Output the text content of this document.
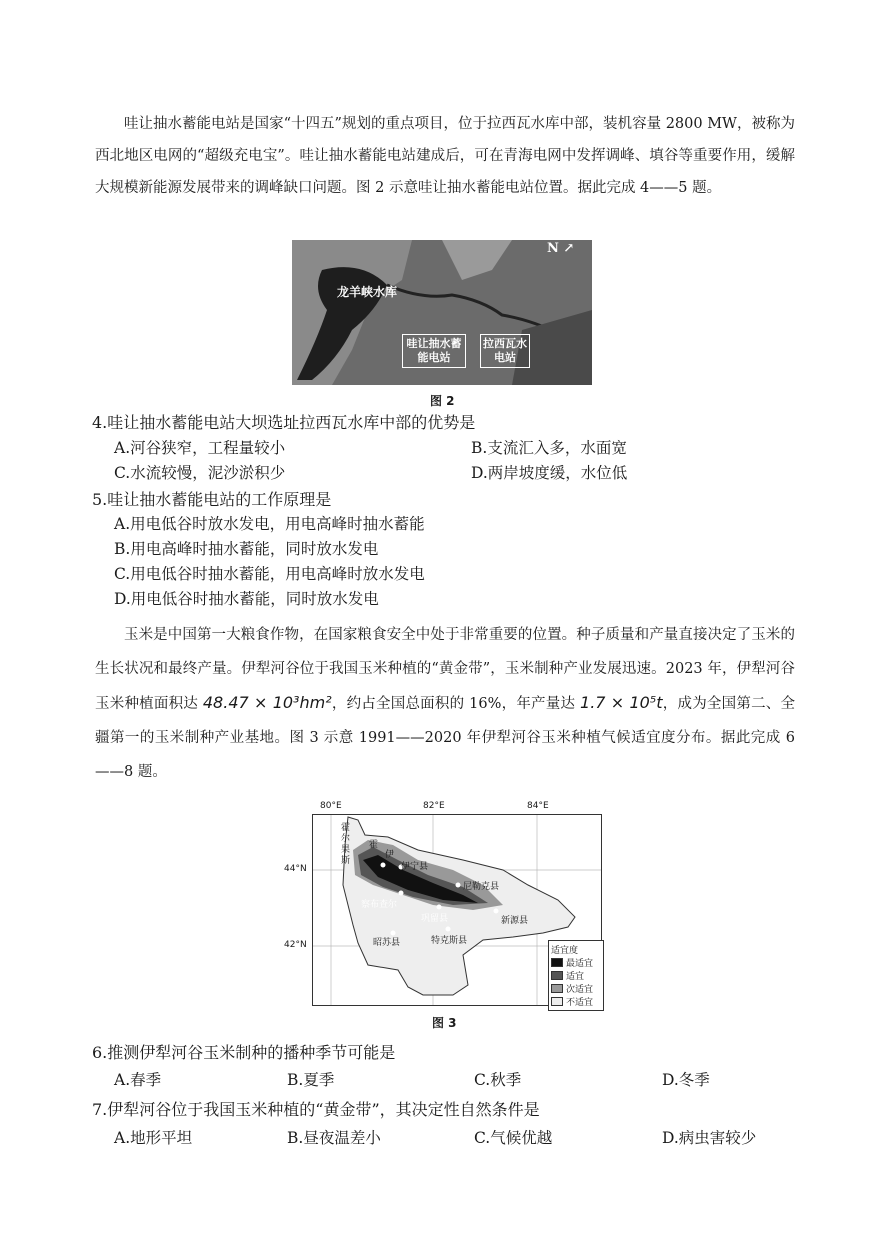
哇让抽水蓄能电站是国家“十四五”规划的重点项目，位于拉西瓦水库中部，装机容量 2800 MW，被称为西北地区电网的“超级充电宝”。哇让抽水蓄能电站建成后，可在青海电网中发挥调峰、填谷等重要作用，缓解大规模新能源发展带来的调峰缺口问题。图 2 示意哇让抽水蓄能电站位置。据此完成 4——5 题。
龙羊峡水库
哇让抽水蓄能电站
拉西瓦水电站
N ↗
图 2
4.哇让抽水蓄能电站大坝选址拉西瓦水库中部的优势是
A.河谷狭窄，工程量较小	B.支流汇入多，水面宽
C.水流较慢，泥沙淤积少	D.两岸坡度缓，水位低
5.哇让抽水蓄能电站的工作原理是
A.用电低谷时放水发电，用电高峰时抽水蓄能
B.用电高峰时抽水蓄能，同时放水发电
C.用电低谷时抽水蓄能，用电高峰时放水发电
D.用电低谷时抽水蓄能，同时放水发电
玉米是中国第一大粮食作物，在国家粮食安全中处于非常重要的位置。种子质量和产量直接决定了玉米的生长状况和最终产量。伊犁河谷位于我国玉米种植的“黄金带”，玉米制种产业发展迅速。2023 年，伊犁河谷玉米种植面积达 48.47 × 10³hm²，约占全国总面积的 16%，年产量达 1.7 × 10⁵t，成为全国第二、全疆第一的玉米制种产业基地。图 3 示意 1991——2020 年伊犁河谷玉米种植气候适宜度分布。据此完成 6——8 题。
80°E	82°E	84°E
44°N
42°N
霍尔果斯
霍
伊
伊宁县
尼勒克县
察布查尔
巩留县	新源县
昭苏县	特克斯县
适宜度
最适宜
适宜
次适宜
不适宜
图 3
6.推测伊犁河谷玉米制种的播种季节可能是
A.春季	B.夏季	C.秋季	D.冬季
7.伊犁河谷位于我国玉米种植的“黄金带”，其决定性自然条件是
A.地形平坦	B.昼夜温差小	C.气候优越	D.病虫害较少
